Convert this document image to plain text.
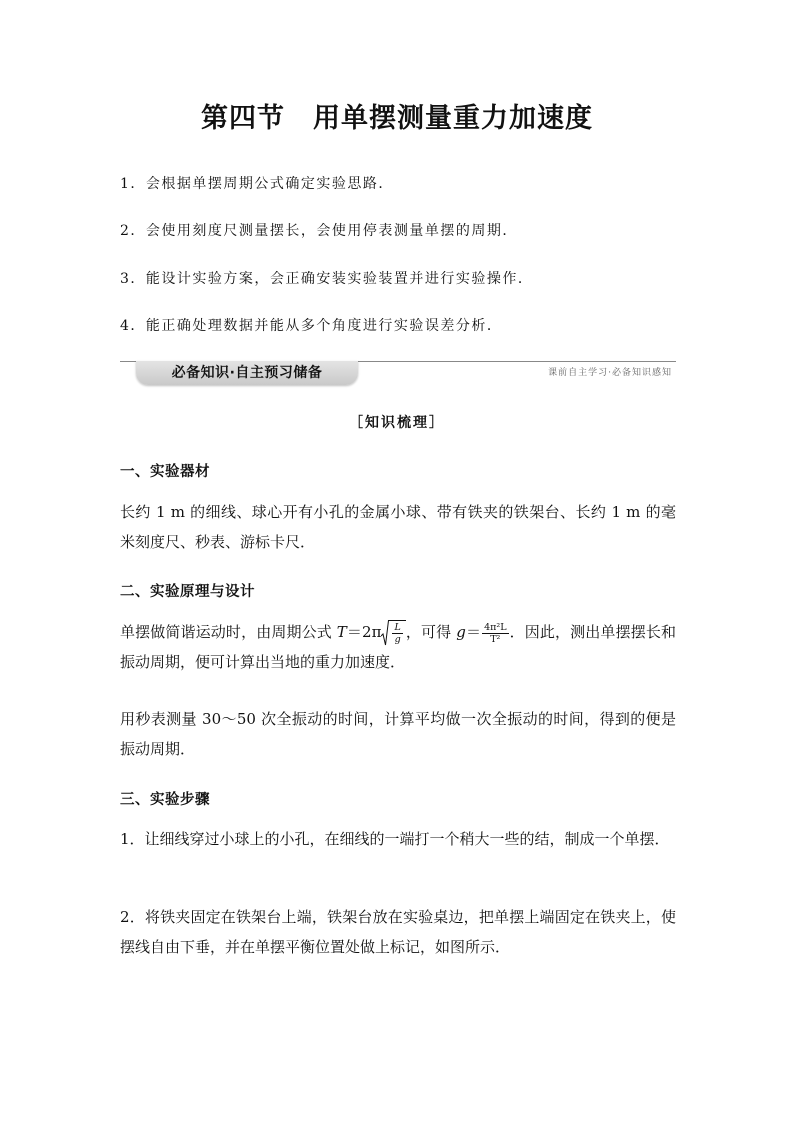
第四节　用单摆测量重力加速度
1．会根据单摆周期公式确定实验思路．
2．会使用刻度尺测量摆长，会使用停表测量单摆的周期．
3．能设计实验方案，会正确安装实验装置并进行实验操作．
4．能正确处理数据并能从多个角度进行实验误差分析．
必备知识·自主预习储备	课前自主学习·必备知识感知
［知识梳理］
一、实验器材
长约 1 m 的细线、球心开有小孔的金属小球、带有铁夹的铁架台、长约 1 m 的毫米刻度尺、秒表、游标卡尺．
二、实验原理与设计
单摆做简谐运动时，由周期公式 $T=2\pi \frac{L}{g}$ ，可得 $g= \frac{\text{4π²L}}{\text{T²}}$ ．因此，测出单摆摆长和振动周期，便可计算出当地的重力加速度．
用秒表测量 30～50 次全振动的时间，计算平均做一次全振动的时间，得到的便是振动周期．
三、实验步骤
1．让细线穿过小球上的小孔，在细线的一端打一个稍大一些的结，制成一个单摆．
2．将铁夹固定在铁架台上端，铁架台放在实验桌边，把单摆上端固定在铁夹上，使摆线自由下垂，并在单摆平衡位置处做上标记，如图所示．
